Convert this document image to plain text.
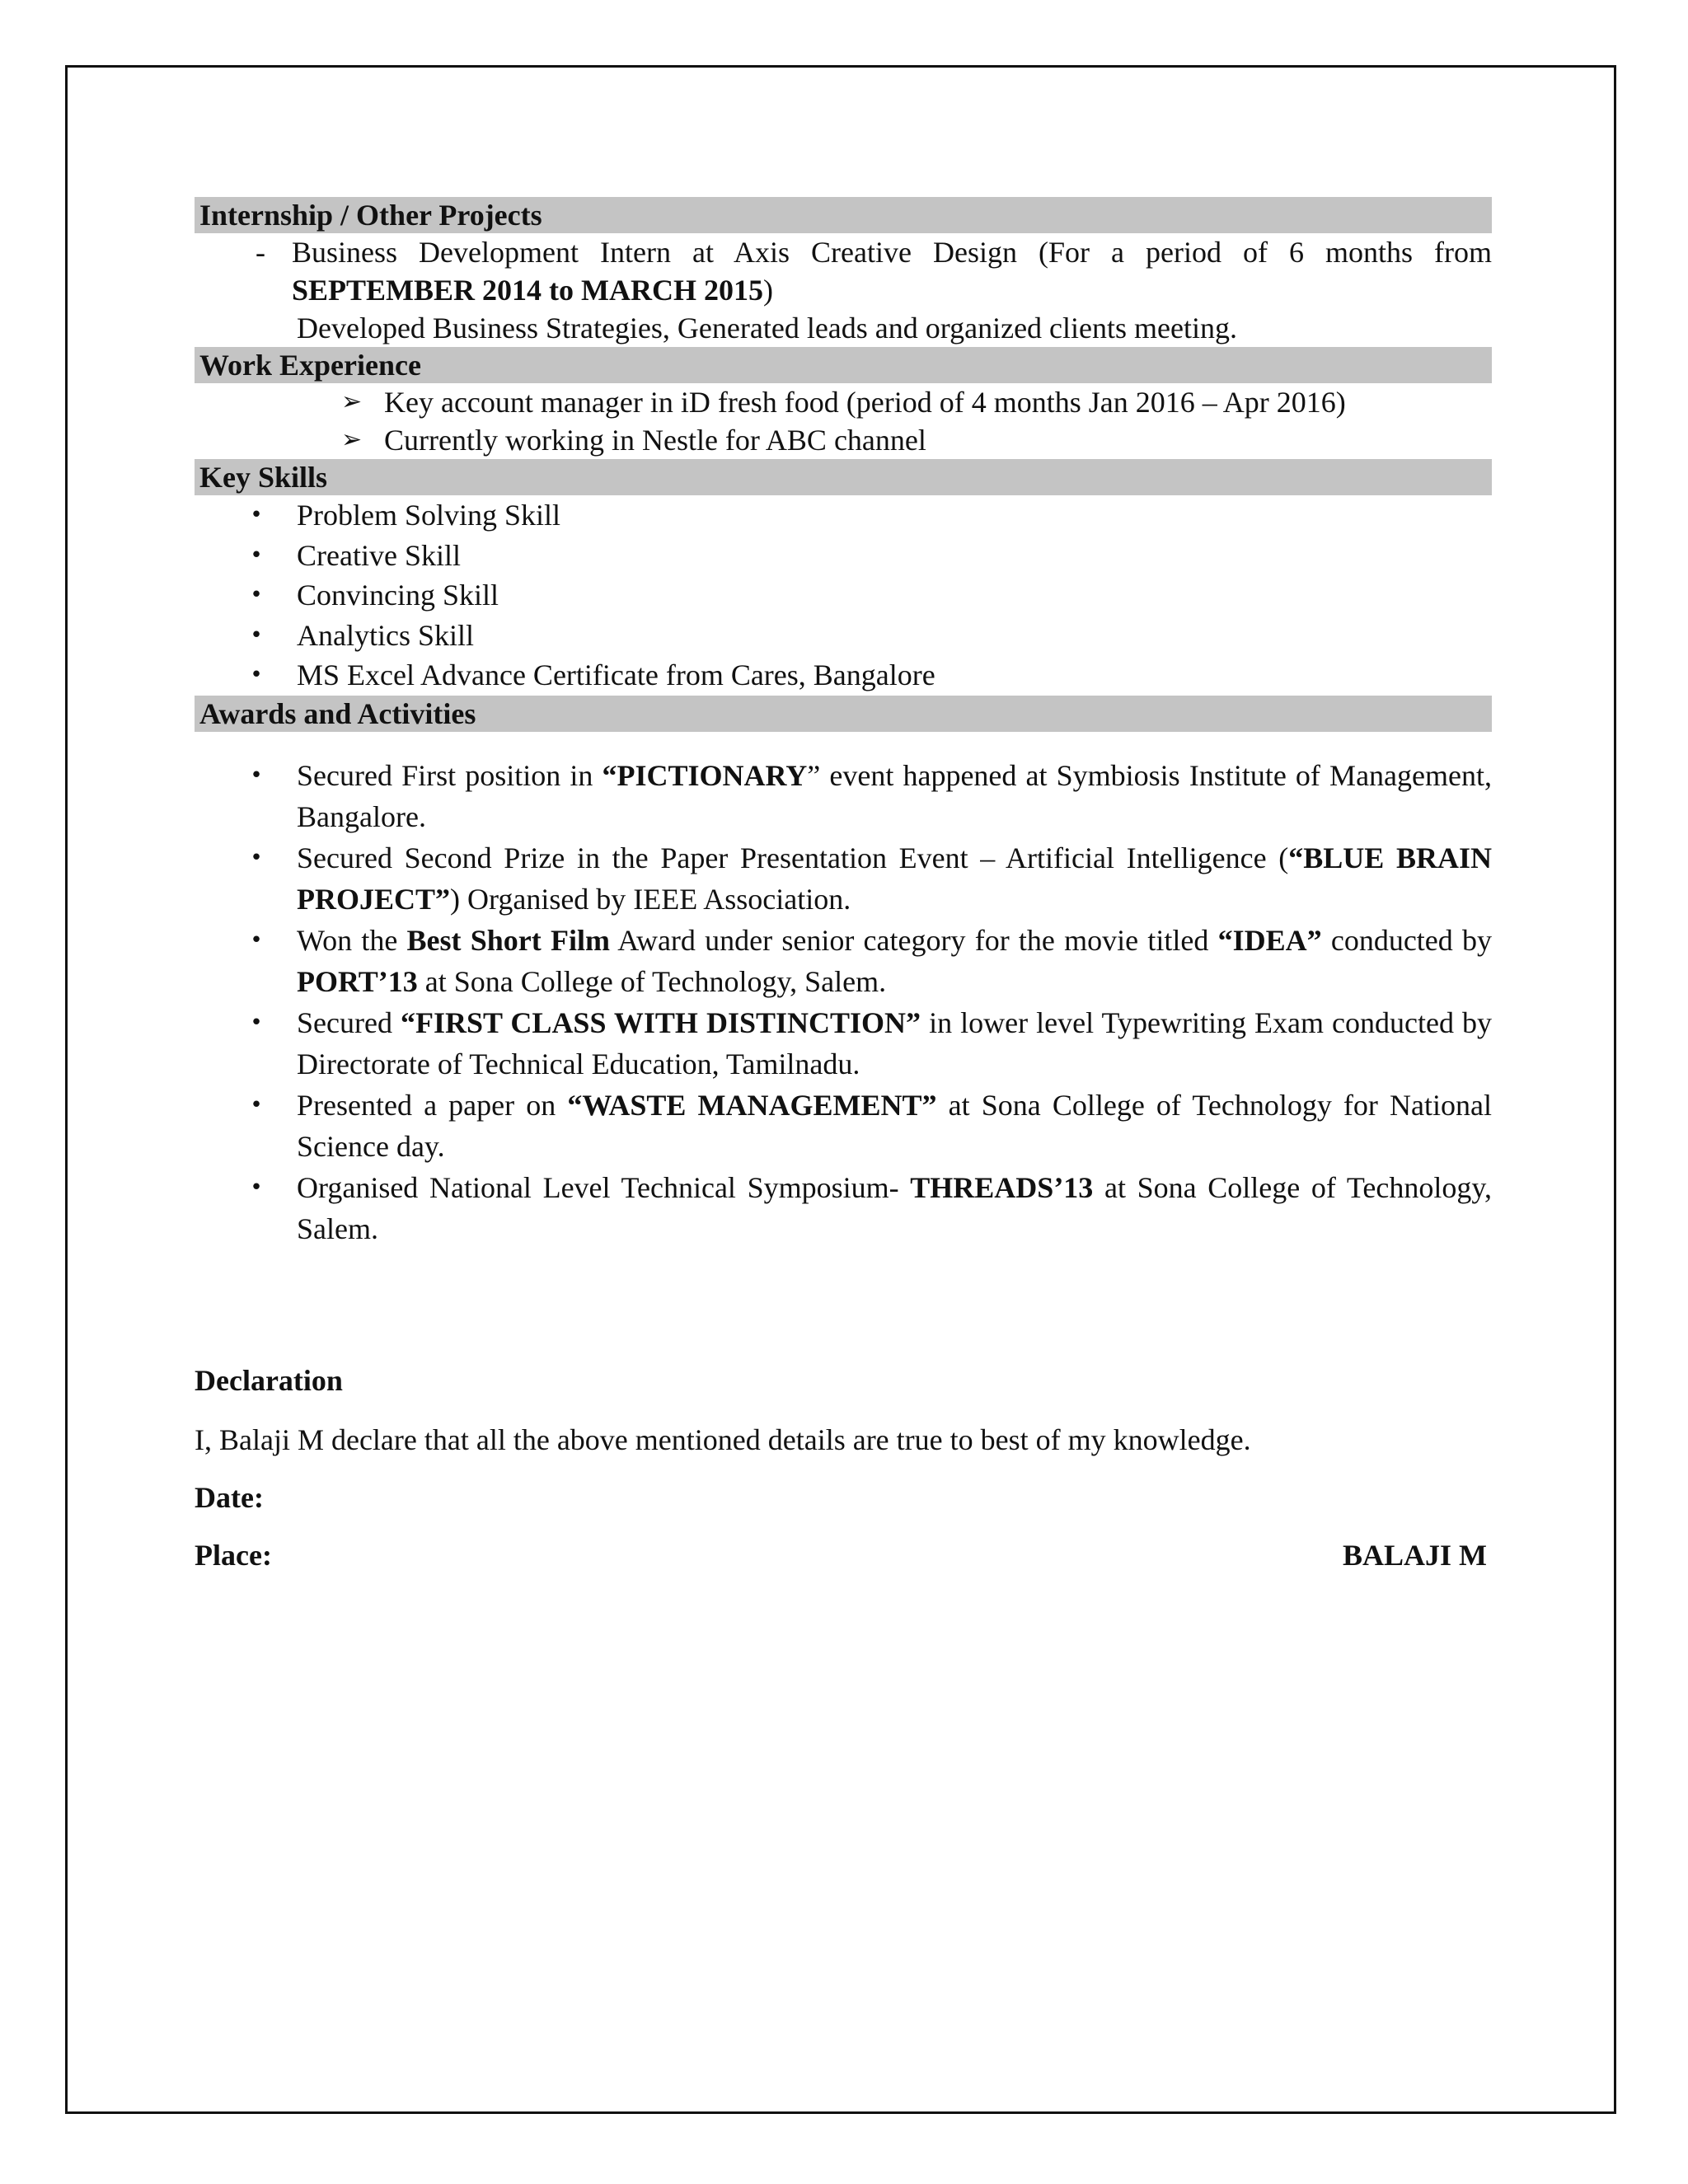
Internship / Other Projects
- Business Development Intern at Axis Creative Design (For a period of 6 months from SEPTEMBER 2014 to MARCH 2015)
Developed Business Strategies, Generated leads and organized clients meeting.
Work Experience
➢ Key account manager in iD fresh food (period of 4 months Jan 2016 – Apr 2016)
➢ Currently working in Nestle for ABC channel
Key Skills
•	Problem Solving Skill
•	Creative Skill
•	Convincing Skill
•	Analytics Skill
•	MS Excel Advance Certificate from Cares, Bangalore
Awards and Activities
•	Secured First position in “PICTIONARY” event happened at Symbiosis Institute of Management, Bangalore.
•	Secured Second Prize in the Paper Presentation Event – Artificial Intelligence (“BLUE BRAIN PROJECT”) Organised by IEEE Association.
•	Won the Best Short Film Award under senior category for the movie titled “IDEA” conducted by PORT’13 at Sona College of Technology, Salem.
•	Secured “FIRST CLASS WITH DISTINCTION” in lower level Typewriting Exam conducted by Directorate of Technical Education, Tamilnadu.
•	Presented a paper on “WASTE MANAGEMENT” at Sona College of Technology for National Science day.
•	Organised National Level Technical Symposium- THREADS’13 at Sona College of Technology, Salem.
Declaration
I, Balaji M declare that all the above mentioned details are true to best of my knowledge.
Date:
Place:	BALAJI M
